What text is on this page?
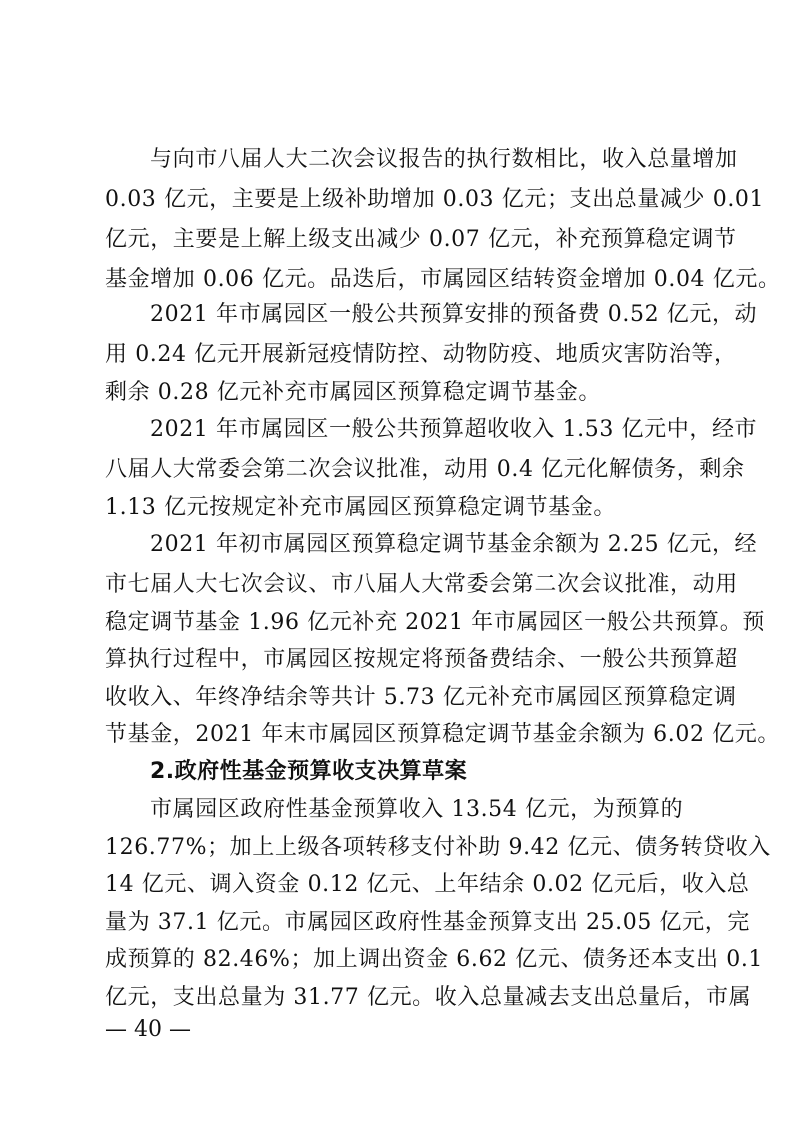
与向市八届人大二次会议报告的执行数相比，收入总量增加
0.03 亿元，主要是上级补助增加 0.03 亿元；支出总量减少 0.01
亿元，主要是上解上级支出减少 0.07 亿元，补充预算稳定调节
基金增加 0.06 亿元。品迭后，市属园区结转资金增加 0.04 亿元。
2021 年市属园区一般公共预算安排的预备费 0.52 亿元，动
用 0.24 亿元开展新冠疫情防控、动物防疫、地质灾害防治等，
剩余 0.28 亿元补充市属园区预算稳定调节基金。
2021 年市属园区一般公共预算超收收入 1.53 亿元中，经市
八届人大常委会第二次会议批准，动用 0.4 亿元化解债务，剩余
1.13 亿元按规定补充市属园区预算稳定调节基金。
2021 年初市属园区预算稳定调节基金余额为 2.25 亿元，经
市七届人大七次会议、市八届人大常委会第二次会议批准，动用
稳定调节基金 1.96 亿元补充 2021 年市属园区一般公共预算。预
算执行过程中，市属园区按规定将预备费结余、一般公共预算超
收收入、年终净结余等共计 5.73 亿元补充市属园区预算稳定调
节基金，2021 年末市属园区预算稳定调节基金余额为 6.02 亿元。
2.政府性基金预算收支决算草案
市属园区政府性基金预算收入 13.54 亿元，为预算的
126.77%；加上上级各项转移支付补助 9.42 亿元、债务转贷收入
14 亿元、调入资金 0.12 亿元、上年结余 0.02 亿元后，收入总
量为 37.1 亿元。市属园区政府性基金预算支出 25.05 亿元，完
成预算的 82.46%；加上调出资金 6.62 亿元、债务还本支出 0.1
亿元，支出总量为 31.77 亿元。收入总量减去支出总量后，市属
— 40 —
